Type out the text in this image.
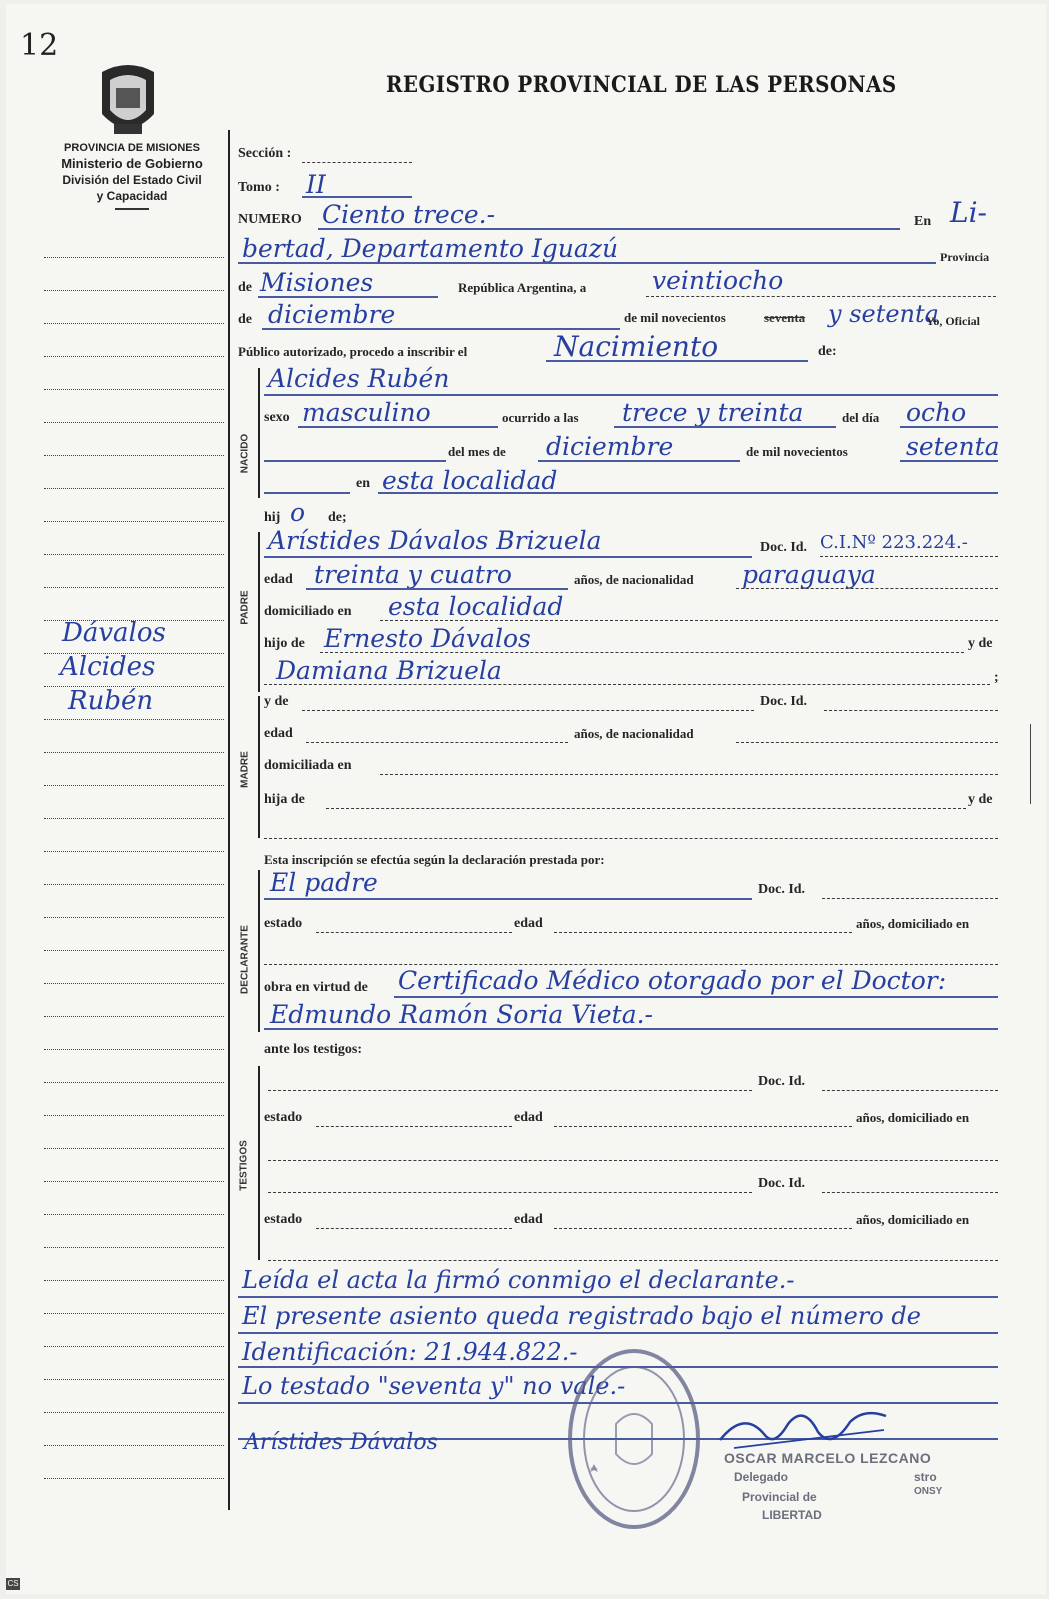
12
REGISTRO PROVINCIAL DE LAS PERSONAS
PROVINCIA DE MISIONES
Ministerio de Gobierno
División del Estado Civil
y Capacidad
Dávalos
Alcides
Rubén
Sección :
Tomo : II
NUMERO Ciento trece.-	En Li-
bertad, Departamento Iguazú	Provincia
de Misiones	República Argentina, a	veintiocho
de diciembre	de mil novecientos	seventa y setenta
Yo, Oficial
Público autorizado, procedo a inscribir el	Nacimiento	de:
NACIDO
Alcides Rubén
sexo masculino	ocurrido a las trece y treinta	del día ocho
del mes de diciembre	de mil novecientos setenta
en esta localidad
hij o de;
PADRE
Arístides Dávalos Brizuela	Doc. Id. C.I.Nº 223.224.-
edad treinta y cuatro	años, de nacionalidad paraguaya
domiciliado en esta localidad
hijo de Ernesto Dávalos	y de
Damiana Brizuela	;
MADRE
y de	Doc. Id.
edad	años, de nacionalidad
domiciliada en
hija de	y de
Esta inscripción se efectúa según la declaración prestada por:
DECLARANTE
El padre	Doc. Id.
estado	edad	años, domiciliado en
obra en virtud de Certificado Médico otorgado por el Doctor:
Edmundo Ramón Soria Vieta.-
ante los testigos:
TESTIGOS
Doc. Id.
estado	edad	años, domiciliado en
Doc. Id.
estado	edad	años, domiciliado en
Leída el acta la firmó conmigo el declarante.-
El presente asiento queda registrado bajo el número de
Identificación: 21.944.822.-
Lo testado "seventa y" no vale.-
Arístides Dávalos
OSCAR MARCELO LEZCANO
Delegado
Provincial de
LIBERTAD
stro
ONSY
CS
